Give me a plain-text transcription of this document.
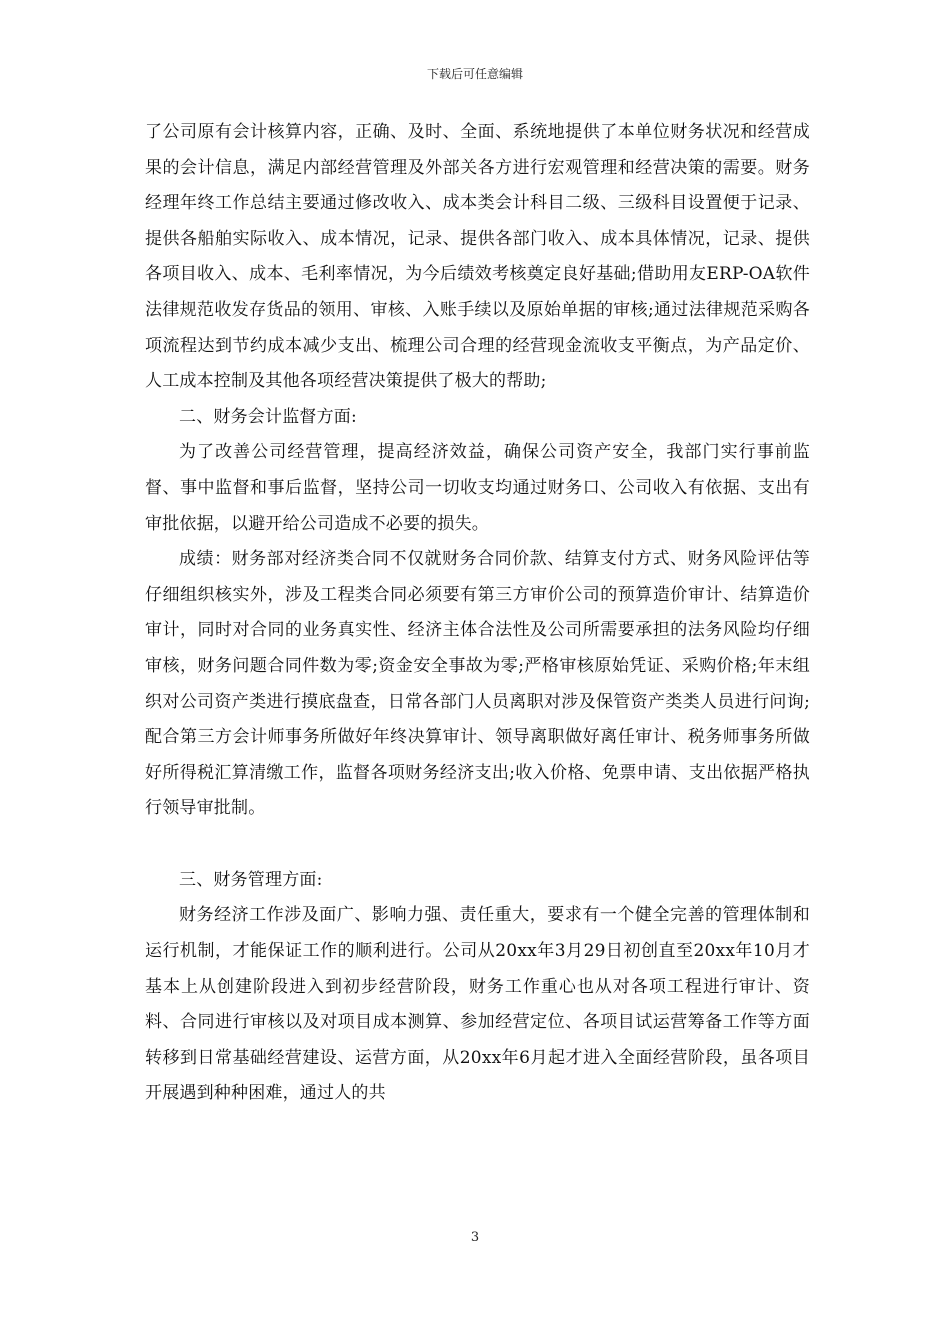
下载后可任意编辑

了公司原有会计核算内容，正确、及时、全面、系统地提供了本单位财务状况和经营成果的会计信息，满足内部经营管理及外部关各方进行宏观管理和经营决策的需要。财务经理年终工作总结主要通过修改收入、成本类会计科目二级、三级科目设置便于记录、提供各船舶实际收入、成本情况，记录、提供各部门收入、成本具体情况，记录、提供各项目收入、成本、毛利率情况，为今后绩效考核奠定良好基础;借助用友ERP-OA软件法律规范收发存货品的领用、审核、入账手续以及原始单据的审核;通过法律规范采购各项流程达到节约成本减少支出、梳理公司合理的经营现金流收支平衡点，为产品定价、人工成本控制及其他各项经营决策提供了极大的帮助;

二、财务会计监督方面:

为了改善公司经营管理，提高经济效益，确保公司资产安全，我部门实行事前监督、事中监督和事后监督，坚持公司一切收支均通过财务口、公司收入有依据、支出有审批依据，以避开给公司造成不必要的损失。

成绩：财务部对经济类合同不仅就财务合同价款、结算支付方式、财务风险评估等仔细组织核实外，涉及工程类合同必须要有第三方审价公司的预算造价审计、结算造价审计，同时对合同的业务真实性、经济主体合法性及公司所需要承担的法务风险均仔细审核，财务问题合同件数为零;资金安全事故为零;严格审核原始凭证、采购价格;年末组织对公司资产类进行摸底盘查，日常各部门人员离职对涉及保管资产类类人员进行问询;配合第三方会计师事务所做好年终决算审计、领导离职做好离任审计、税务师事务所做好所得税汇算清缴工作，监督各项财务经济支出;收入价格、免票申请、支出依据严格执行领导审批制。

三、财务管理方面:

财务经济工作涉及面广、影响力强、责任重大，要求有一个健全完善的管理体制和运行机制，才能保证工作的顺利进行。公司从20xx年3月29日初创直至20xx年10月才基本上从创建阶段进入到初步经营阶段，财务工作重心也从对各项工程进行审计、资料、合同进行审核以及对项目成本测算、参加经营定位、各项目试运营筹备工作等方面转移到日常基础经营建设、运营方面，从20xx年6月起才进入全面经营阶段，虽各项目开展遇到种种困难，通过人的共

3
